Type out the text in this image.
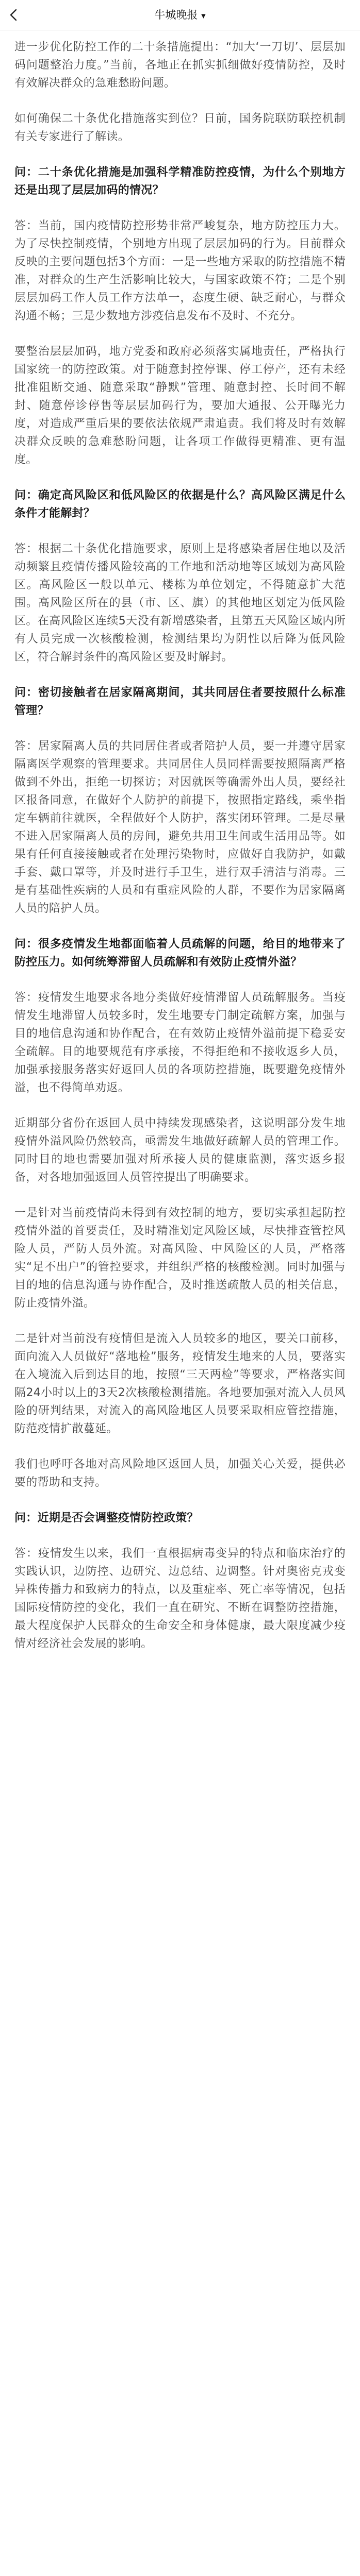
牛城晚报 ▾

进一步优化防控工作的二十条措施提出：“加大‘一刀切’、层层加码问题整治力度。”当前，各地正在抓实抓细做好疫情防控，及时有效解决群众的急难愁盼问题。

如何确保二十条优化措施落实到位？日前，国务院联防联控机制有关专家进行了解读。

问：二十条优化措施是加强科学精准防控疫情，为什么个别地方还是出现了层层加码的情况？

答：当前，国内疫情防控形势非常严峻复杂，地方防控压力大。为了尽快控制疫情，个别地方出现了层层加码的行为。目前群众反映的主要问题包括3个方面：一是一些地方采取的防控措施不精准，对群众的生产生活影响比较大，与国家政策不符；二是个别层层加码工作人员工作方法单一，态度生硬、缺乏耐心，与群众沟通不畅；三是少数地方涉疫信息发布不及时、不充分。

要整治层层加码，地方党委和政府必须落实属地责任，严格执行国家统一的防控政策。对于随意封控停课、停工停产，还有未经批准阻断交通、随意采取“静默”管理、随意封控、长时间不解封、随意停诊停售等层层加码行为，要加大通报、公开曝光力度，对造成严重后果的要依法依规严肃追责。我们将及时有效解决群众反映的急难愁盼问题，让各项工作做得更精准、更有温度。

问：确定高风险区和低风险区的依据是什么？高风险区满足什么条件才能解封？

答：根据二十条优化措施要求，原则上是将感染者居住地以及活动频繁且疫情传播风险较高的工作地和活动地等区域划为高风险区。高风险区一般以单元、楼栋为单位划定，不得随意扩大范围。高风险区所在的县（市、区、旗）的其他地区划定为低风险区。在高风险区连续5天没有新增感染者，且第五天风险区域内所有人员完成一次核酸检测，检测结果均为阴性以后降为低风险区，符合解封条件的高风险区要及时解封。

问：密切接触者在居家隔离期间，其共同居住者要按照什么标准管理？

答：居家隔离人员的共同居住者或者陪护人员，要一并遵守居家隔离医学观察的管理要求。共同居住人员同样需要按照隔离严格做到不外出，拒绝一切探访；对因就医等确需外出人员，要经社区报备同意，在做好个人防护的前提下，按照指定路线，乘坐指定车辆前往就医，全程做好个人防护，落实闭环管理。二是尽量不进入居家隔离人员的房间，避免共用卫生间或生活用品等。如果有任何直接接触或者在处理污染物时，应做好自我防护，如戴手套、戴口罩等，并及时进行手卫生，进行双手清洁与消毒。三是有基础性疾病的人员和有重症风险的人群，不要作为居家隔离人员的陪护人员。

问：很多疫情发生地都面临着人员疏解的问题，给目的地带来了防控压力。如何统筹滞留人员疏解和有效防止疫情外溢？

答：疫情发生地要求各地分类做好疫情滞留人员疏解服务。当疫情发生地滞留人员较多时，发生地要专门制定疏解方案，加强与目的地信息沟通和协作配合，在有效防止疫情外溢前提下稳妥安全疏解。目的地要规范有序承接，不得拒绝和不接收返乡人员，加强承接服务落实好返回人员的各项防控措施，既要避免疫情外溢，也不得简单劝返。

近期部分省份在返回人员中持续发现感染者，这说明部分发生地疫情外溢风险仍然较高，亟需发生地做好疏解人员的管理工作。同时目的地也需要加强对所承接人员的健康监测，落实返乡报备，对各地加强返回人员管控提出了明确要求。

一是针对当前疫情尚未得到有效控制的地方，要切实承担起防控疫情外溢的首要责任，及时精准划定风险区域，尽快排查管控风险人员，严防人员外流。对高风险、中风险区的人员，严格落实“足不出户”的管控要求，并组织严格的核酸检测。同时加强与目的地的信息沟通与协作配合，及时推送疏散人员的相关信息，防止疫情外溢。

二是针对当前没有疫情但是流入人员较多的地区，要关口前移，面向流入人员做好“落地检”服务，疫情发生地来的人员，要落实在入境流入后到达目的地，按照“三天两检”等要求，严格落实间隔24小时以上的3天2次核酸检测措施。各地要加强对流入人员风险的研判结果，对流入的高风险地区人员要采取相应管控措施，防范疫情扩散蔓延。

我们也呼吁各地对高风险地区返回人员，加强关心关爱，提供必要的帮助和支持。

问：近期是否会调整疫情防控政策？

答：疫情发生以来，我们一直根据病毒变异的特点和临床治疗的实践认识，边防控、边研究、边总结、边调整。针对奥密克戎变异株传播力和致病力的特点，以及重症率、死亡率等情况，包括国际疫情防控的变化，我们一直在研究、不断在调整防控措施，最大程度保护人民群众的生命安全和身体健康，最大限度减少疫情对经济社会发展的影响。
